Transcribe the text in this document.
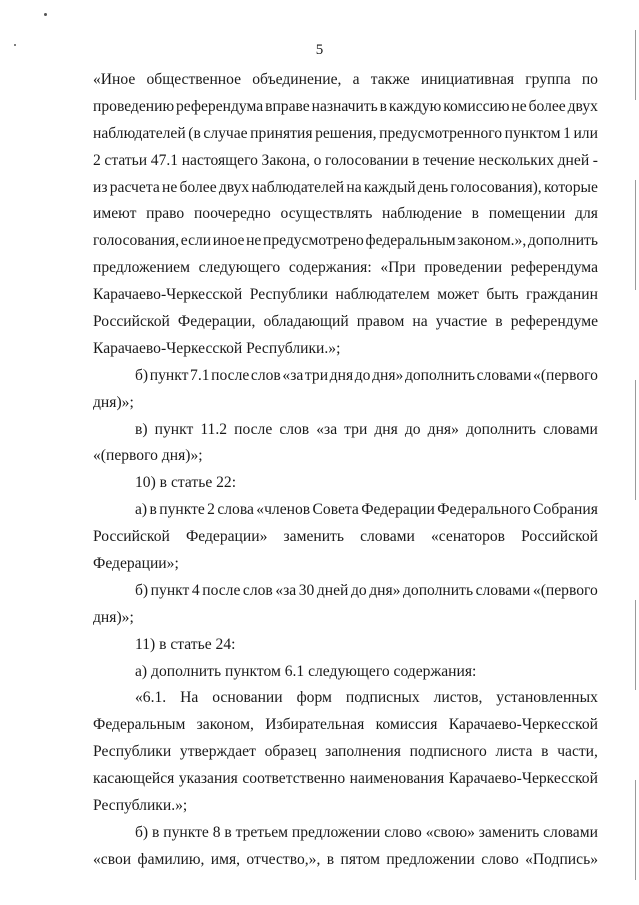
5
«Иное общественное объединение, а также инициативная группа по
проведению референдума вправе назначить в каждую комиссию не более двух
наблюдателей (в случае принятия решения, предусмотренного пунктом 1 или
2 статьи 47.1 настоящего Закона, о голосовании в течение нескольких дней -
из расчета не более двух наблюдателей на каждый день голосования), которые
имеют право поочередно осуществлять наблюдение в помещении для
голосования, если иное не предусмотрено федеральным законом.», дополнить
предложением следующего содержания: «При проведении референдума
Карачаево-Черкесской Республики наблюдателем может быть гражданин
Российской Федерации, обладающий правом на участие в референдуме
Карачаево-Черкесской Республики.»;
б) пункт 7.1 после слов «за три дня до дня» дополнить словами «(первого
дня)»;
в) пункт 11.2 после слов «за три дня до дня» дополнить словами
«(первого дня)»;
10) в статье 22:
а) в пункте 2 слова «членов Совета Федерации Федерального Собрания
Российской Федерации» заменить словами «сенаторов Российской
Федерации»;
б) пункт 4 после слов «за 30 дней до дня» дополнить словами «(первого
дня)»;
11) в статье 24:
а) дополнить пунктом 6.1 следующего содержания:
«6.1. На основании форм подписных листов, установленных
Федеральным законом, Избирательная комиссия Карачаево-Черкесской
Республики утверждает образец заполнения подписного листа в части,
касающейся указания соответственно наименования Карачаево-Черкесской
Республики.»;
б) в пункте 8 в третьем предложении слово «свою» заменить словами
«свои фамилию, имя, отчество,», в пятом предложении слово «Подпись»
